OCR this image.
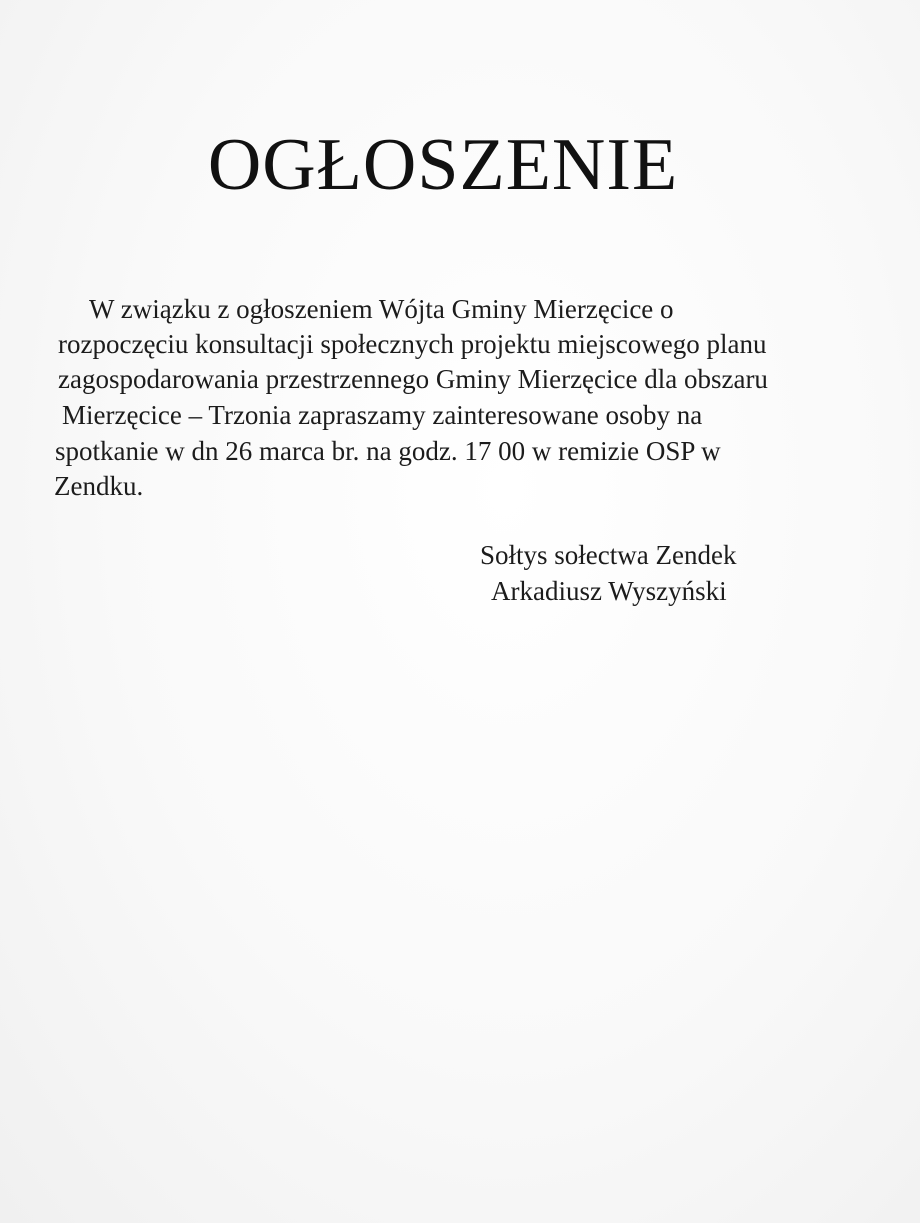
OGŁOSZENIE
W związku z ogłoszeniem Wójta Gminy Mierzęcice o
rozpoczęciu konsultacji społecznych projektu miejscowego planu
zagospodarowania przestrzennego Gminy Mierzęcice dla obszaru
Mierzęcice – Trzonia zapraszamy zainteresowane osoby na
spotkanie w dn 26 marca br. na godz. 17 00 w remizie OSP w
Zendku.
Sołtys sołectwa Zendek
Arkadiusz Wyszyński
